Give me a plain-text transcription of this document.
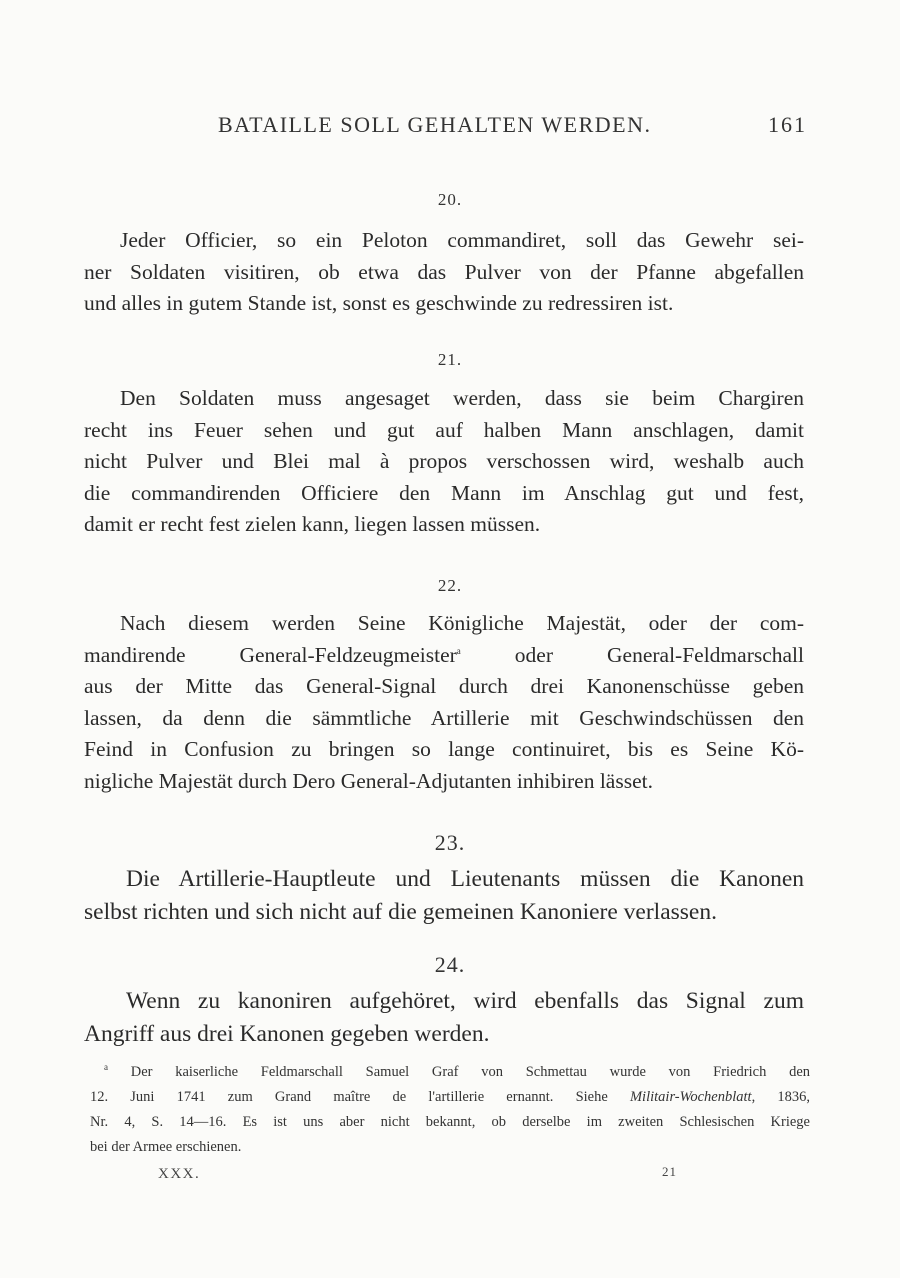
BATAILLE SOLL GEHALTEN WERDEN.	161
20.
Jeder Officier, so ein Peloton commandiret, soll das Gewehr sei-
ner Soldaten visitiren, ob etwa das Pulver von der Pfanne abgefallen
und alles in gutem Stande ist, sonst es geschwinde zu redressiren ist.
21.
Den Soldaten muss angesaget werden, dass sie beim Chargiren
recht ins Feuer sehen und gut auf halben Mann anschlagen, damit
nicht Pulver und Blei mal à propos verschossen wird, weshalb auch
die commandirenden Officiere den Mann im Anschlag gut und fest,
damit er recht fest zielen kann, liegen lassen müssen.
22.
Nach diesem werden Seine Königliche Majestät, oder der com-
mandirende General-Feldzeugmeister$^a$	oder General-Feldmarschall
aus der Mitte das General-Signal durch drei Kanonenschüsse geben
lassen, da denn die sämmtliche Artillerie mit Geschwindschüssen den
Feind in Confusion zu bringen so lange continuiret, bis es Seine Kö-
nigliche Majestät durch Dero General-Adjutanten inhibiren lässet.
23.
Die Artillerie-Hauptleute und Lieutenants müssen die Kanonen
selbst richten und sich nicht auf die gemeinen Kanoniere verlassen.
24.
Wenn zu kanoniren aufgehöret, wird ebenfalls das Signal zum
Angriff aus drei Kanonen gegeben werden.
$^a$ Der kaiserliche Feldmarschall Samuel Graf von Schmettau wurde von Friedrich den
12. Juni 1741 zum Grand maître de l'artillerie ernannt. Siehe Militair-Wochenblatt, 1836,
Nr. 4, S. 14—16. Es ist uns aber nicht bekannt, ob derselbe im zweiten Schlesischen Kriege
bei der Armee erschienen.
XXX.	21
